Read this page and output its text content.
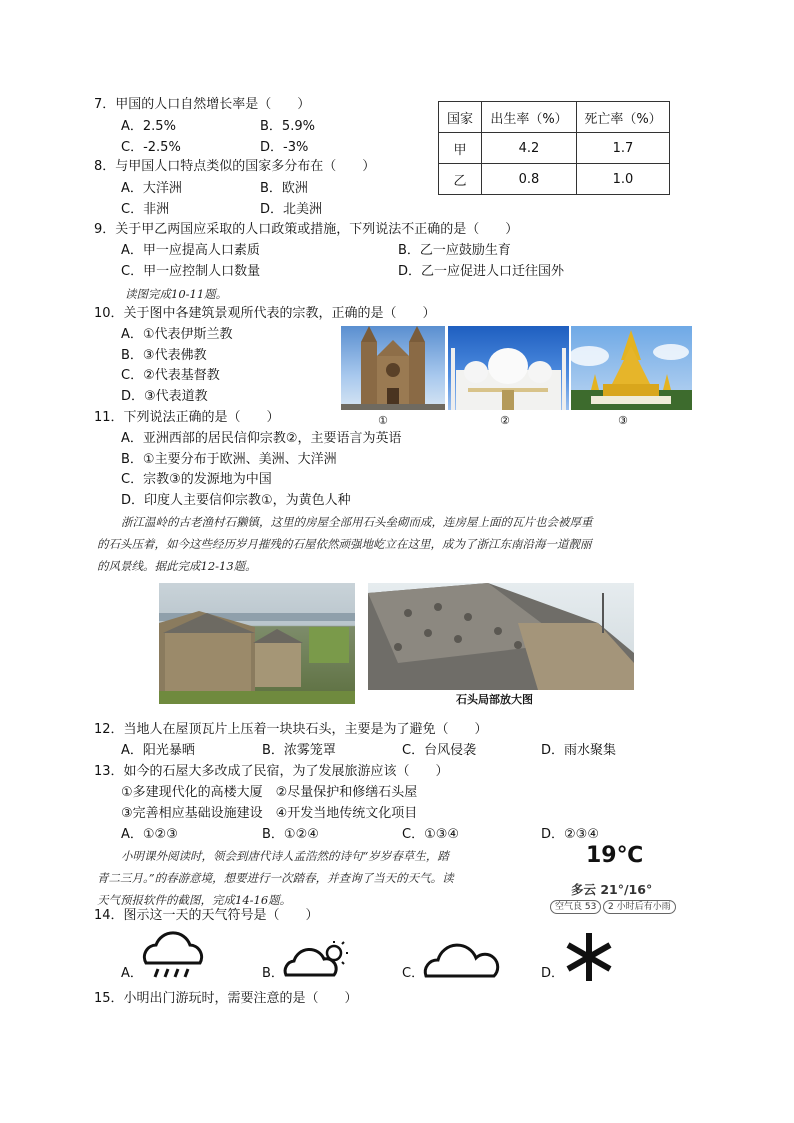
7．甲国的人口自然增长率是（　　）
A．2.5%	B．5.9%
C．-2.5%	D．-3%
国家	出生率（%）	死亡率（%）
甲	4.2	1.7
乙	0.8	1.0
8．与甲国人口特点类似的国家多分布在（　　）
A．大洋洲	B．欧洲
C．非洲	D．北美洲
9．关于甲乙两国应采取的人口政策或措施，下列说法不正确的是（　　）
A．甲一应提高人口素质	B．乙一应鼓励生育
C．甲一应控制人口数量	D．乙一应促进人口迁往国外
读图完成10-11题。
10．关于图中各建筑景观所代表的宗教，正确的是（　　）
A．①代表伊斯兰教
B．③代表佛教
C．②代表基督教
D．③代表道教
①	②	③
11．下列说法正确的是（　　）
A．亚洲西部的居民信仰宗教②，主要语言为英语
B．①主要分布于欧洲、美洲、大洋洲
C．宗教③的发源地为中国
D．印度人主要信仰宗教①，为黄色人种
浙江温岭的古老渔村石獭镇，这里的房屋全部用石头垒砌而成，连房屋上面的瓦片也会被厚重
的石头压着，如今这些经历岁月摧残的石屋依然顽强地屹立在这里，成为了浙江东南沿海一道靓丽
的风景线。据此完成12-13题。
石头局部放大图
12．当地人在屋顶瓦片上压着一块块石头，主要是为了避免（　　）
A．阳光暴晒	B．浓雾笼罩	C．台风侵袭	D．雨水聚集
13．如今的石屋大多改成了民宿，为了发展旅游应该（　　）
①多建现代化的高楼大厦　②尽量保护和修缮石头屋
③完善相应基础设施建设　④开发当地传统文化项目
A．①②③	B．①②④	C．①③④	D．②③④
小明课外阅读时，领会到唐代诗人孟浩然的诗句“岁岁春草生，踏
青二三月。”的春游意境，想要进行一次踏春，并查询了当天的天气。读
天气预报软件的截图，完成14-16题。
19℃
多云 21°/16°
空气良 53	2 小时后有小雨
14．图示这一天的天气符号是（　　）
A．	B．	C．	D．
15．小明出门游玩时，需要注意的是（　　）
